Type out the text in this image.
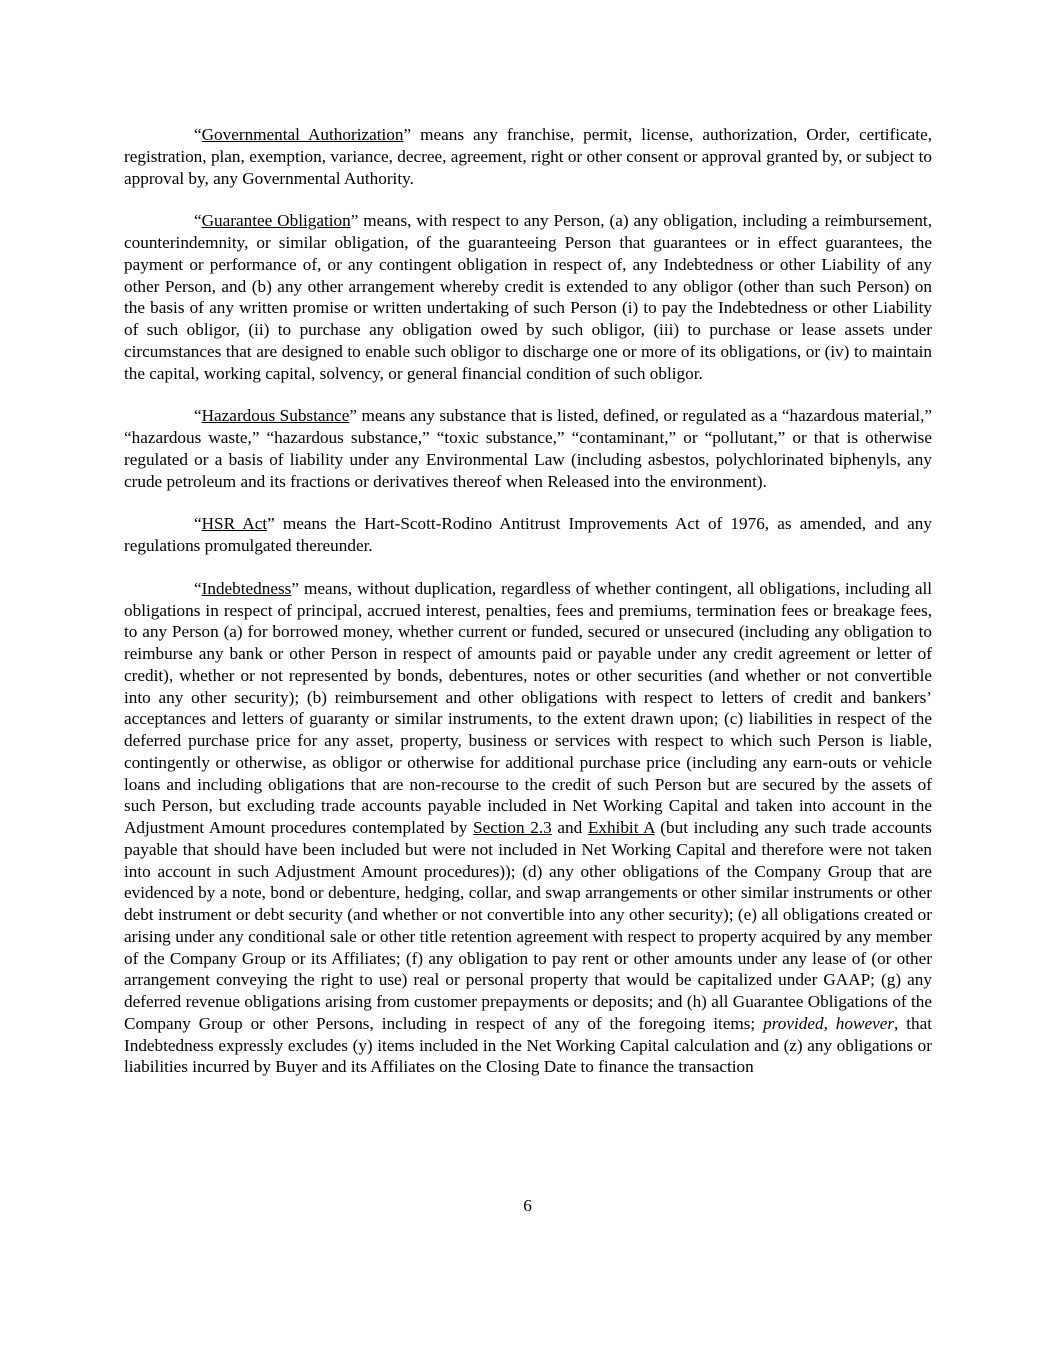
“Governmental Authorization” means any franchise, permit, license, authorization, Order, certificate, registration, plan, exemption, variance, decree, agreement, right or other consent or approval granted by, or subject to approval by, any Governmental Authority.

“Guarantee Obligation” means, with respect to any Person, (a) any obligation, including a reimbursement, counterindemnity, or similar obligation, of the guaranteeing Person that guarantees or in effect guarantees, the payment or performance of, or any contingent obligation in respect of, any Indebtedness or other Liability of any other Person, and (b) any other arrangement whereby credit is extended to any obligor (other than such Person) on the basis of any written promise or written undertaking of such Person (i) to pay the Indebtedness or other Liability of such obligor, (ii) to purchase any obligation owed by such obligor, (iii) to purchase or lease assets under circumstances that are designed to enable such obligor to discharge one or more of its obligations, or (iv) to maintain the capital, working capital, solvency, or general financial condition of such obligor.

“Hazardous Substance” means any substance that is listed, defined, or regulated as a “hazardous material,” “hazardous waste,” “hazardous substance,” “toxic substance,” “contaminant,” or “pollutant,” or that is otherwise regulated or a basis of liability under any Environmental Law (including asbestos, polychlorinated biphenyls, any crude petroleum and its fractions or derivatives thereof when Released into the environment).

“HSR Act” means the Hart-Scott-Rodino Antitrust Improvements Act of 1976, as amended, and any regulations promulgated thereunder.

“Indebtedness” means, without duplication, regardless of whether contingent, all obligations, including all obligations in respect of principal, accrued interest, penalties, fees and premiums, termination fees or breakage fees, to any Person (a) for borrowed money, whether current or funded, secured or unsecured (including any obligation to reimburse any bank or other Person in respect of amounts paid or payable under any credit agreement or letter of credit), whether or not represented by bonds, debentures, notes or other securities (and whether or not convertible into any other security); (b) reimbursement and other obligations with respect to letters of credit and bankers’ acceptances and letters of guaranty or similar instruments, to the extent drawn upon; (c) liabilities in respect of the deferred purchase price for any asset, property, business or services with respect to which such Person is liable, contingently or otherwise, as obligor or otherwise for additional purchase price (including any earn-outs or vehicle loans and including obligations that are non-recourse to the credit of such Person but are secured by the assets of such Person, but excluding trade accounts payable included in Net Working Capital and taken into account in the Adjustment Amount procedures contemplated by Section 2.3 and Exhibit A (but including any such trade accounts payable that should have been included but were not included in Net Working Capital and therefore were not taken into account in such Adjustment Amount procedures)); (d) any other obligations of the Company Group that are evidenced by a note, bond or debenture, hedging, collar, and swap arrangements or other similar instruments or other debt instrument or debt security (and whether or not convertible into any other security); (e) all obligations created or arising under any conditional sale or other title retention agreement with respect to property acquired by any member of the Company Group or its Affiliates; (f) any obligation to pay rent or other amounts under any lease of (or other arrangement conveying the right to use) real or personal property that would be capitalized under GAAP; (g) any deferred revenue obligations arising from customer prepayments or deposits; and (h) all Guarantee Obligations of the Company Group or other Persons, including in respect of any of the foregoing items; provided, however, that Indebtedness expressly excludes (y) items included in the Net Working Capital calculation and (z) any obligations or liabilities incurred by Buyer and its Affiliates on the Closing Date to finance the transaction

6
